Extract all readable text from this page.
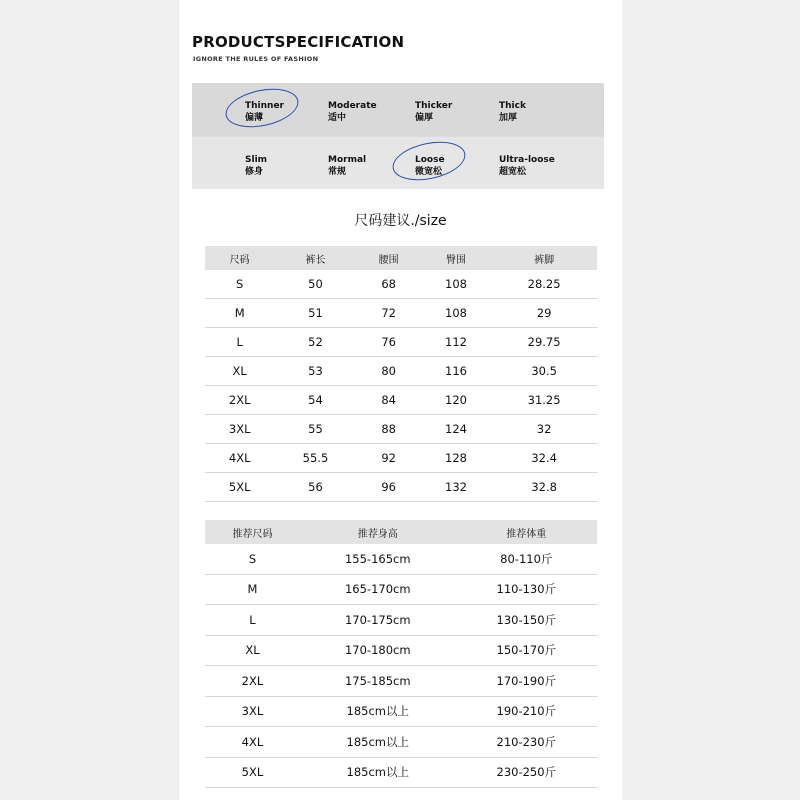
PRODUCTSPECIFICATION
IGNORE THE RULES OF FASHION
Thinner
偏薄
Moderate
适中
Thicker
偏厚
Thick
加厚
Slim
修身
Mormal
常规
Loose
微宽松
Ultra-loose
超宽松
尺码建议./size
尺码	裤长	腰围	臀围	裤脚
S	50	68	108	28.25
M	51	72	108	29
L	52	76	112	29.75
XL	53	80	116	30.5
2XL	54	84	120	31.25
3XL	55	88	124	32
4XL	55.5	92	128	32.4
5XL	56	96	132	32.8
推荐尺码	推荐身高	推荐体重
S	155-165cm	80-110斤
M	165-170cm	110-130斤
L	170-175cm	130-150斤
XL	170-180cm	150-170斤
2XL	175-185cm	170-190斤
3XL	185cm以上	190-210斤
4XL	185cm以上	210-230斤
5XL	185cm以上	230-250斤
